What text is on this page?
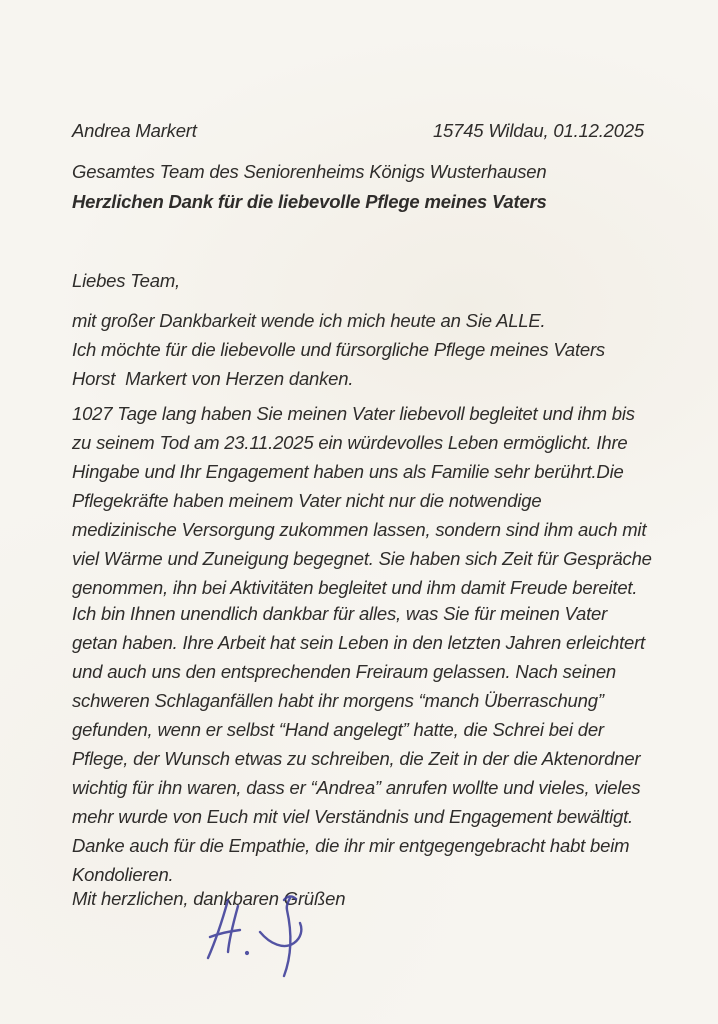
Andrea Markert	15745 Wildau, 01.12.2025
Gesamtes Team des Seniorenheims Königs Wusterhausen
Herzlichen Dank für die liebevolle Pflege meines Vaters
Liebes Team,
mit großer Dankbarkeit wende ich mich heute an Sie ALLE.
Ich möchte für die liebevolle und fürsorgliche Pflege meines Vaters
Horst  Markert von Herzen danken.
1027 Tage lang haben Sie meinen Vater liebevoll begleitet und ihm bis
zu seinem Tod am 23.11.2025 ein würdevolles Leben ermöglicht. Ihre
Hingabe und Ihr Engagement haben uns als Familie sehr berührt.Die
Pflegekräfte haben meinem Vater nicht nur die notwendige
medizinische Versorgung zukommen lassen, sondern sind ihm auch mit
viel Wärme und Zuneigung begegnet. Sie haben sich Zeit für Gespräche
genommen, ihn bei Aktivitäten begleitet und ihm damit Freude bereitet.
Ich bin Ihnen unendlich dankbar für alles, was Sie für meinen Vater
getan haben. Ihre Arbeit hat sein Leben in den letzten Jahren erleichtert
und auch uns den entsprechenden Freiraum gelassen. Nach seinen
schweren Schlaganfällen habt ihr morgens “manch Überraschung”
gefunden, wenn er selbst “Hand angelegt” hatte, die Schrei bei der
Pflege, der Wunsch etwas zu schreiben, die Zeit in der die Aktenordner
wichtig für ihn waren, dass er “Andrea” anrufen wollte und vieles, vieles
mehr wurde von Euch mit viel Verständnis und Engagement bewältigt.
Danke auch für die Empathie, die ihr mir entgegengebracht habt beim
Kondolieren.
Mit herzlichen, dankbaren Grüßen
